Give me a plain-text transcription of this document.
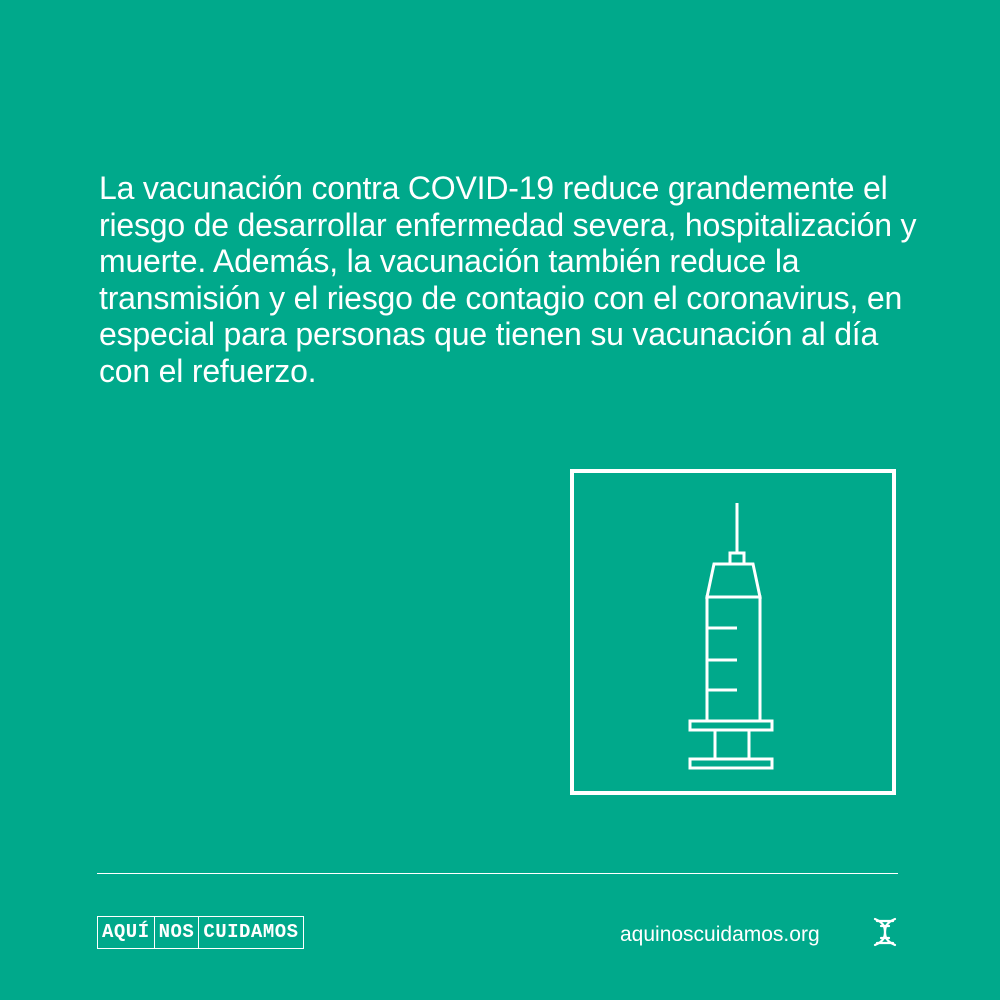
La vacunación contra COVID-19 reduce grandemente el riesgo de desarrollar enfermedad severa, hospitalización y muerte. Además, la vacunación también reduce la transmisión y el riesgo de contagio con el coronavirus, en especial para personas que tienen su vacunación al día con el refuerzo.

AQUÍ NOS CUIDAMOS	aquinoscuidamos.org
